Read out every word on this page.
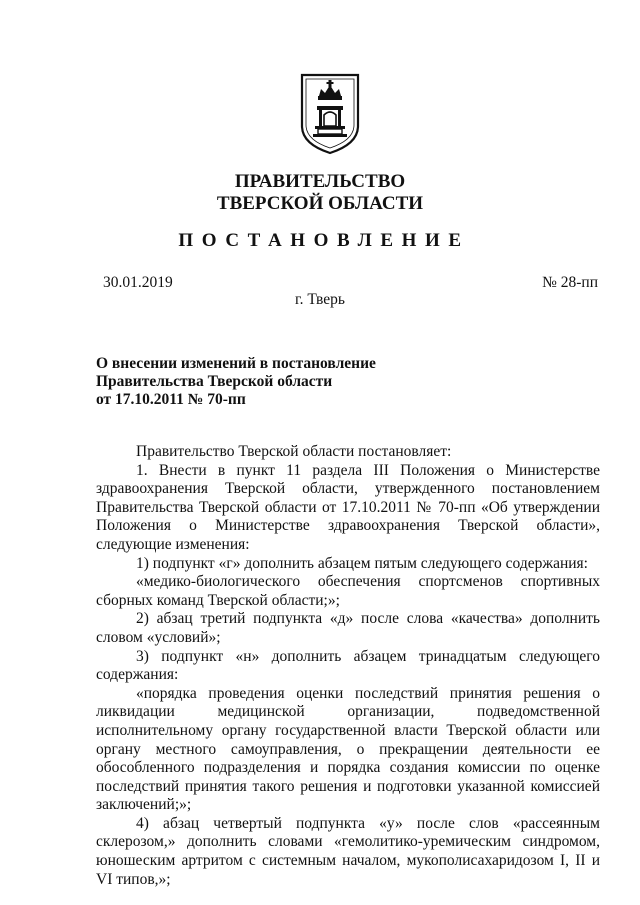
ПРАВИТЕЛЬСТВО
ТВЕРСКОЙ ОБЛАСТИ
ПОСТАНОВЛЕНИЕ
30.01.2019	№ 28-пп
г. Тверь
О внесении изменений в постановление
Правительства Тверской области
от 17.10.2011 № 70-пп

Правительство Тверской области постановляет:

1. Внести в пункт 11 раздела III Положения о Министерстве здравоохранения Тверской области, утвержденного постановлением Правительства Тверской области от 17.10.2011 № 70-пп «Об утверждении Положения о Министерстве здравоохранения Тверской области», следующие изменения:

1) подпункт «г» дополнить абзацем пятым следующего содержания:

«медико-биологического обеспечения спортсменов спортивных сборных команд Тверской области;»;

2) абзац третий подпункта «д» после слова «качества» дополнить словом «условий»;

3) подпункт «н» дополнить абзацем тринадцатым следующего содержания:

«порядка проведения оценки последствий принятия решения о ликвидации медицинской организации, подведомственной исполнительному органу государственной власти Тверской области или органу местного самоуправления, о прекращении деятельности ее обособленного подразделения и порядка создания комиссии по оценке последствий принятия такого решения и подготовки указанной комиссией заключений;»;

4) абзац четвертый подпункта «у» после слов «рассеянным склерозом,» дополнить словами «гемолитико-уремическим синдромом, юношеским артритом с системным началом, мукополисахаридозом I, II и VI типов,»;
